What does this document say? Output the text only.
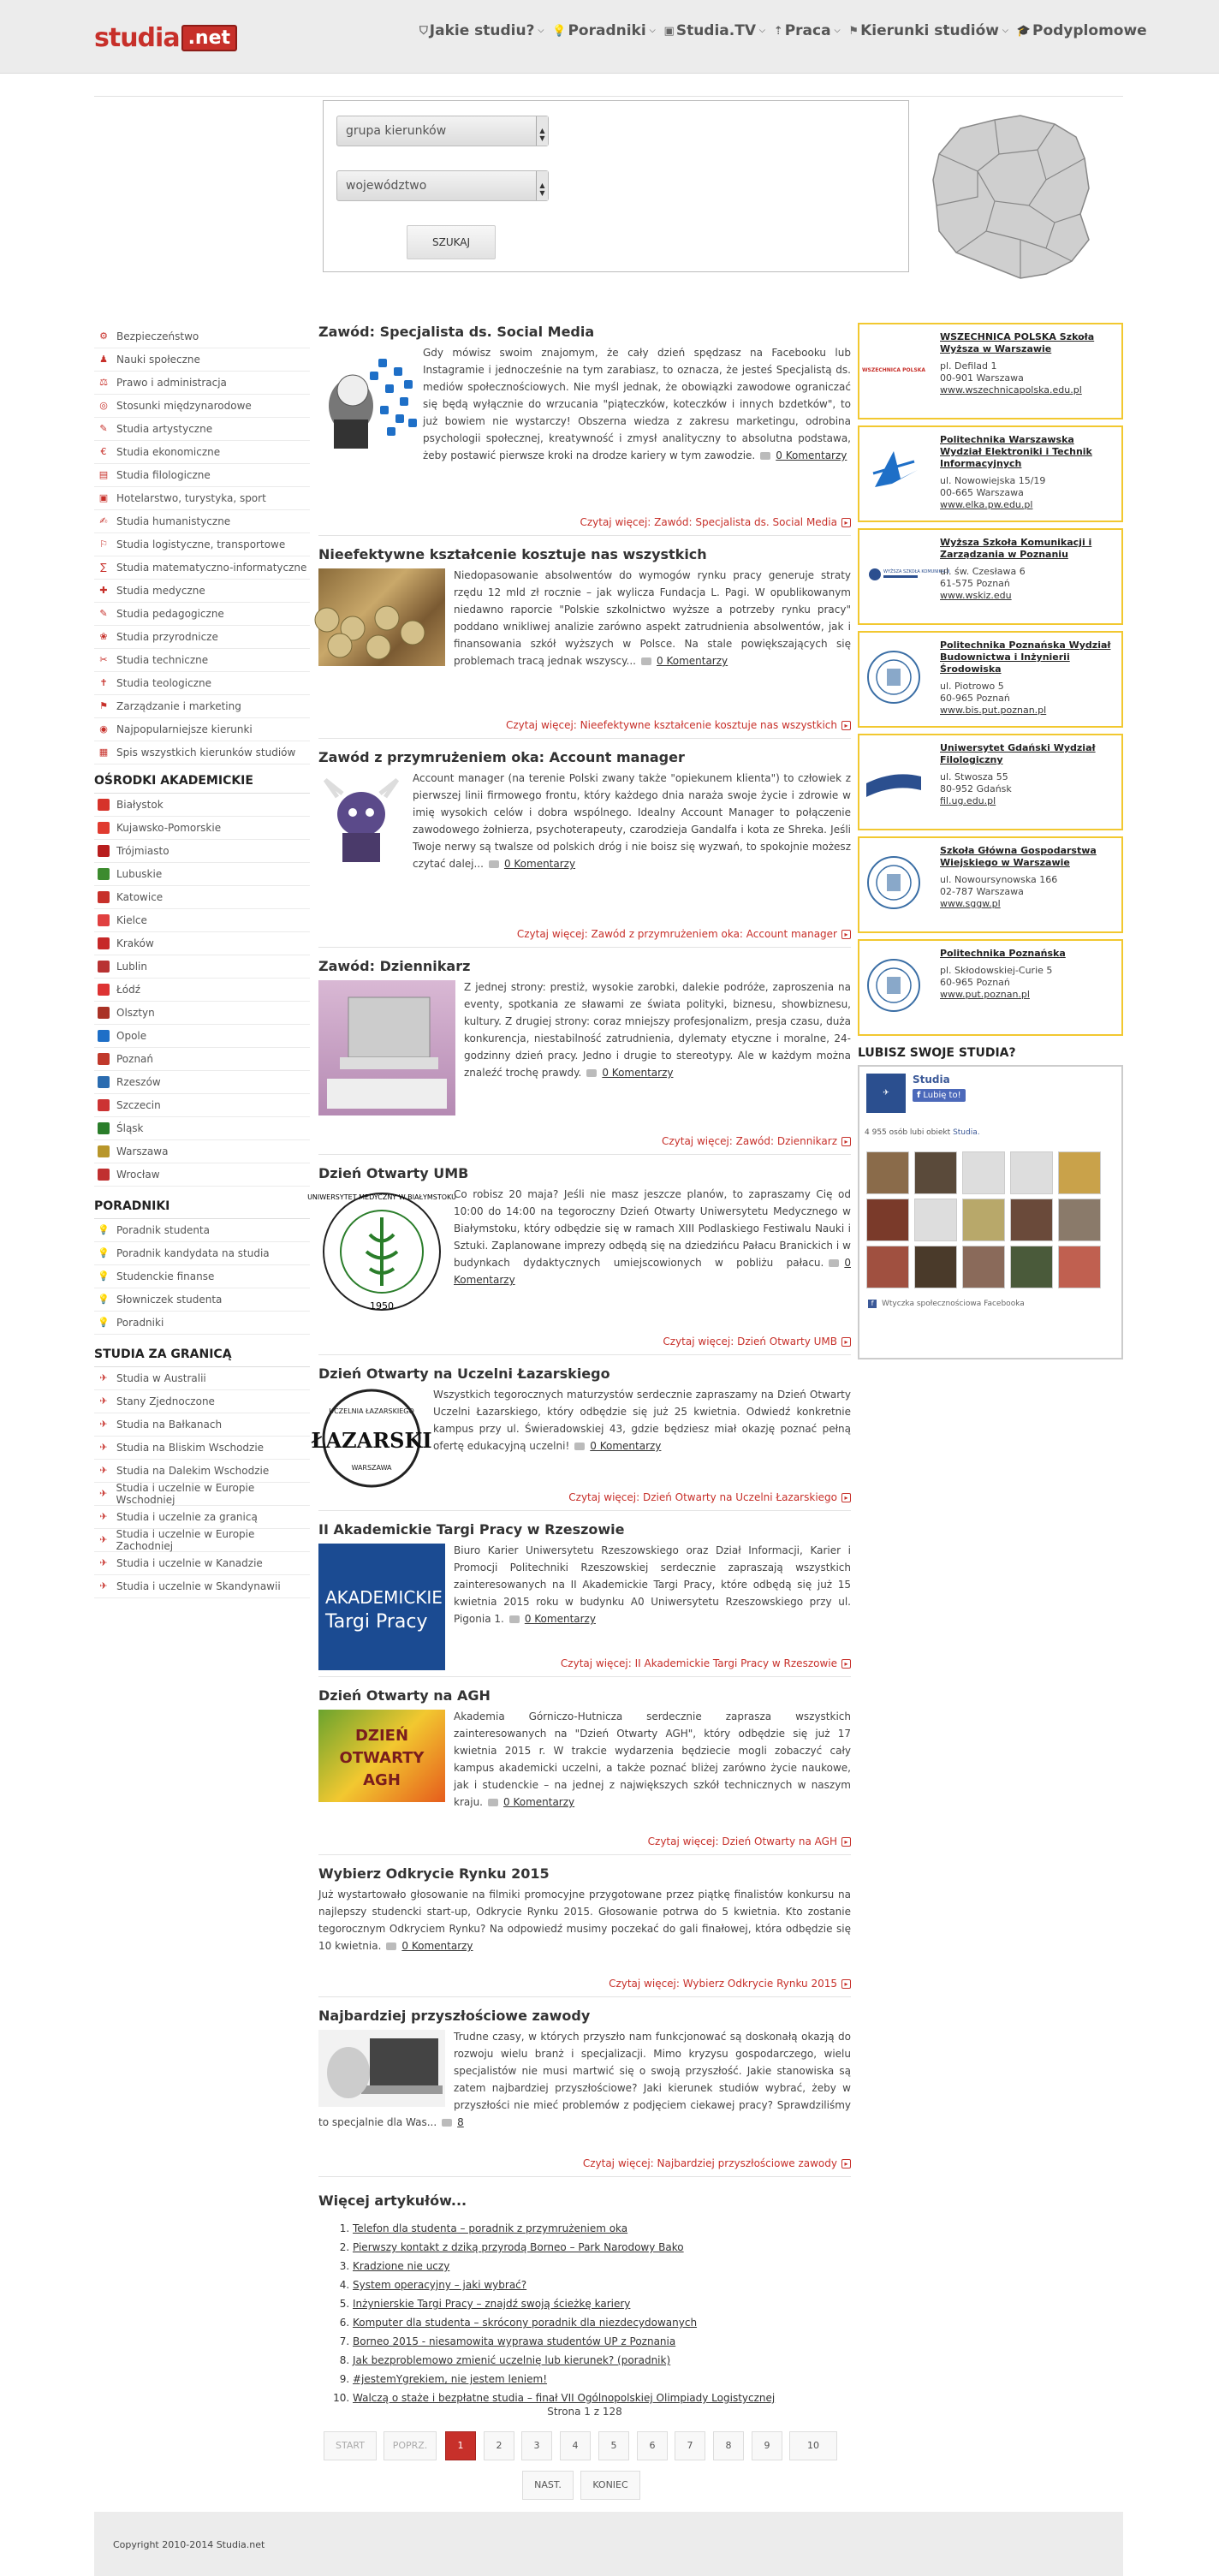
studia .net	⛉ Jakie studiu? ⌵ 💡 Poradniki ⌵ ▣ Studia.TV ⌵ ⇡ Praca ⌵ ⚑ Kierunki studiów ⌵ 🎓 Podyplomowe
grupa kierunków	▲
▼
województwo	▲
▼
SZUKAJ
⚙ Bezpieczeństwo
♟ Nauki społeczne
⚖ Prawo i administracja
◎ Stosunki międzynarodowe
✎ Studia artystyczne
€ Studia ekonomiczne
▤ Studia filologiczne
▣ Hotelarstwo, turystyka, sport
✍ Studia humanistyczne
⚐ Studia logistyczne, transportowe
∑ Studia matematyczno-informatyczne
✚ Studia medyczne
✎ Studia pedagogiczne
❀ Studia przyrodnicze
✂ Studia techniczne
✝ Studia teologiczne
⚑ Zarządzanie i marketing
◉ Najpopularniejsze kierunki
▦ Spis wszystkich kierunków studiów
OŚRODKI AKADEMICKIE
Białystok
Kujawsko-Pomorskie
Trójmiasto
Lubuskie
Katowice
Kielce
Kraków
Lublin
Łódź
Olsztyn
Opole
Poznań
Rzeszów
Szczecin
Śląsk
Warszawa
Wrocław
PORADNIKI
💡 Poradnik studenta
💡 Poradnik kandydata na studia
💡 Studenckie finanse
💡 Słowniczek studenta
💡 Poradniki
STUDIA ZA GRANICĄ
✈ Studia w Australii
✈ Stany Zjednoczone
✈ Studia na Bałkanach
✈ Studia na Bliskim Wschodzie
✈ Studia na Dalekim Wschodzie
✈ Studia i uczelnie w Europie Wschodniej
✈ Studia i uczelnie za granicą
✈ Studia i uczelnie w Europie Zachodniej
✈ Studia i uczelnie w Kanadzie
✈ Studia i uczelnie w Skandynawii
Zawód: Specjalista ds. Social Media
Gdy mówisz swoim znajomym, że cały dzień spędzasz na Facebooku lub Instagramie i jednocześnie na tym zarabiasz, to oznacza, że jesteś Specjalistą ds. mediów społecznościowych. Nie myśl jednak, że obowiązki zawodowe ograniczać się będą wyłącznie do wrzucania "piąteczków, koteczków i innych bzdetków", to już bowiem nie wystarczy! Obszerna wiedza z zakresu marketingu, odrobina psychologii społecznej, kreatywność i zmysł analityczny to absolutna podstawa, żeby postawić pierwsze kroki na drodze kariery w tym zawodzie. 0 Komentarzy
Czytaj więcej: Zawód: Specjalista ds. Social Media ▸
Nieefektywne kształcenie kosztuje nas wszystkich
Niedopasowanie absolwentów do wymogów rynku pracy generuje straty rzędu 12 mld zł rocznie – jak wylicza Fundacja L. Pagi. W opublikowanym niedawno raporcie "Polskie szkolnictwo wyższe a potrzeby rynku pracy" poddano wnikliwej analizie zarówno aspekt zatrudnienia absolwentów, jak i finansowania szkół wyższych w Polsce. Na stale powiększających się problemach tracą jednak wszyscy... 0 Komentarzy
Czytaj więcej: Nieefektywne kształcenie kosztuje nas wszystkich ▸
Zawód z przymrużeniem oka: Account manager
Account manager (na terenie Polski zwany także "opiekunem klienta") to człowiek z pierwszej linii firmowego frontu, który każdego dnia narażа swoje życie i zdrowie w imię wysokich celów i dobra wspólnego. Idealny Account Manager to połączenie zawodowego żołnierza, psychoterapeuty, czarodzieja Gandalfa i kota ze Shreka. Jeśli Twoje nerwy są twalsze od polskich dróg i nie boisz się wyzwań, to spokojnie możesz czytać dalej... 0 Komentarzy
Czytaj więcej: Zawód z przymrużeniem oka: Account manager ▸
Zawód: Dziennikarz
Z jednej strony: prestiż, wysokie zarobki, dalekie podróże, zaproszenia na eventy, spotkania ze sławami ze świata polityki, biznesu, showbiznesu, kultury. Z drugiej strony: coraz mniejszy profesjonalizm, presja czasu, duża konkurencja, niestabilność zatrudnienia, dylematy etyczne i moralne, 24-godzinny dzień pracy. Jedno i drugie to stereotypy. Ale w każdym można znaleźć trochę prawdy. 0 Komentarzy
Czytaj więcej: Zawód: Dziennikarz ▸
Dzień Otwarty UMB
1950
UNIWERSYTET MEDYCZNY W BIAŁYMSTOKU
Co robisz 20 maja? Jeśli nie masz jeszcze planów, to zapraszamy Cię od 10:00 do 14:00 na tegoroczny Dzień Otwarty Uniwersytetu Medycznego w Białymstoku, który odbędzie się w ramach XIII Podlaskiego Festiwalu Nauki i Sztuki. Zaplanowane imprezy odbędą się na dziedzińcu Pałacu Branickich i w budynkach dydaktycznych umiejscowionych w pobliżu pałacu. 0 Komentarzy
Czytaj więcej: Dzień Otwarty UMB ▸
Dzień Otwarty na Uczelni Łazarskiego
UCZELNIA ŁAZARSKIEGO
ŁAZARSKI
WARSZAWA
Wszystkich tegorocznych maturzystów serdecznie zapraszamy na Dzień Otwarty Uczelni Łazarskiego, który odbędzie się już 25 kwietnia. Odwiedź konkretnie kampus przy ul. Świeradowskiej 43, gdzie będziesz miał okazję poznać pełną ofertę edukacyjną uczelni! 0 Komentarzy
Czytaj więcej: Dzień Otwarty na Uczelni Łazarskiego ▸
II Akademickie Targi Pracy w Rzeszowie
AKADEMICKIE
Targi Pracy
Biuro Karier Uniwersytetu Rzeszowskiego oraz Dział Informacji, Karier i Promocji Politechniki Rzeszowskiej serdecznie zapraszają wszystkich zainteresowanych na II Akademickie Targi Pracy, które odbędą się już 15 kwietnia 2015 roku w budynku A0 Uniwersytetu Rzeszowskiego przy ul. Pigonia 1. 0 Komentarzy
Czytaj więcej: II Akademickie Targi Pracy w Rzeszowie ▸
Dzień Otwarty na AGH
DZIEŃ
OTWARTY
AGH
Akademia Górniczo-Hutnicza serdecznie zaprasza wszystkich zainteresowanych na "Dzień Otwarty AGH", który odbędzie się już 17 kwietnia 2015 r. W trakcie wydarzenia będziecie mogli zobaczyć cały kampus akademicki uczelni, a także poznać bliżej zarówno życie naukowe, jak i studenckie – na jednej z największych szkół technicznych w naszym kraju. 0 Komentarzy
Czytaj więcej: Dzień Otwarty na AGH ▸
Wybierz Odkrycie Rynku 2015
Już wystartowało głosowanie na filmiki promocyjne przygotowane przez piątkę finalistów konkursu na najlepszy studencki start-up, Odkrycie Rynku 2015. Głosowanie potrwa do 5 kwietnia. Kto zostanie tegorocznym Odkryciem Rynku? Na odpowiedź musimy poczekać do gali finałowej, która odbędzie się 10 kwietnia. 0 Komentarzy
Czytaj więcej: Wybierz Odkrycie Rynku 2015 ▸
Najbardziej przyszłościowe zawody
Trudne czasy, w których przyszło nam funkcjonować są doskonałą okazją do rozwoju wielu branż i specjalizacji. Mimo kryzysu gospodarczego, wielu specjalistów nie musi martwić się o swoją przyszłość. Jakie stanowiska są zatem najbardziej przyszłościowe? Jaki kierunek studiów wybrać, żeby w przyszłości nie mieć problemów z podjęciem ciekawej pracy? Sprawdziliśmy to specjalnie dla Was... 8
Czytaj więcej: Najbardziej przyszłościowe zawody ▸
Więcej artykułów...
1. Telefon dla studenta – poradnik z przymrużeniem oka
2. Pierwszy kontakt z dziką przyrodą Borneo – Park Narodowy Bako
3. Kradzione nie uczy
4. System operacyjny – jaki wybrać?
5. Inżynierskie Targi Pracy – znajdź swoją ścieżkę kariery
6. Komputer dla studenta – skrócony poradnik dla niezdecydowanych
7. Borneo 2015 - niesamowita wyprawa studentów UP z Poznania
8. Jak bezproblemowo zmienić uczelnię lub kierunek? (poradnik)
9. #jestemYgrekiem, nie jestem leniem!
10. Walczą o staże i bezpłatne studia – finał VII Ogólnopolskiej Olimpiady Logistycznej
WSZECHNICA POLSKA
WSZECHNICA POLSKA Szkoła Wyższa w Warszawie
pl. Defilad 1
00-901 Warszawa
www.wszechnicapolska.edu.pl
Politechnika Warszawska Wydział Elektroniki i Technik Informacyjnych
ul. Nowowiejska 15/19
00-665 Warszawa
www.elka.pw.edu.pl
WYŻSZA SZKOŁA KOMUNIKACJI
Wyższa Szkoła Komunikacji i Zarządzania w Poznaniu
ul. św. Czesława 6
61-575 Poznań
www.wskiz.edu
Politechnika Poznańska Wydział Budownictwa i Inżynierii Środowiska
ul. Piotrowo 5
60-965 Poznań
www.bis.put.poznan.pl
Uniwersytet Gdański Wydział Filologiczny
ul. Stwosza 55
80-952 Gdańsk
fil.ug.edu.pl
Szkoła Główna Gospodarstwa Wiejskiego w Warszawie
ul. Nowoursynowska 166
02-787 Warszawa
www.sggw.pl
Politechnika Poznańska
pl. Skłodowskiej-Curie 5
60-965 Poznań
www.put.poznan.pl
LUBISZ SWOJE STUDIA?
✈
Studia
f Lubię to!
4 955 osób lubi obiekt Studia.
f Wtyczka społecznościowa Facebooka
Strona 1 z 128
START	POPRZ.	1	2	3	4	5	6	7	8	9	10
NAST.	KONIEC
Copyright 2010-2014 Studia.net
